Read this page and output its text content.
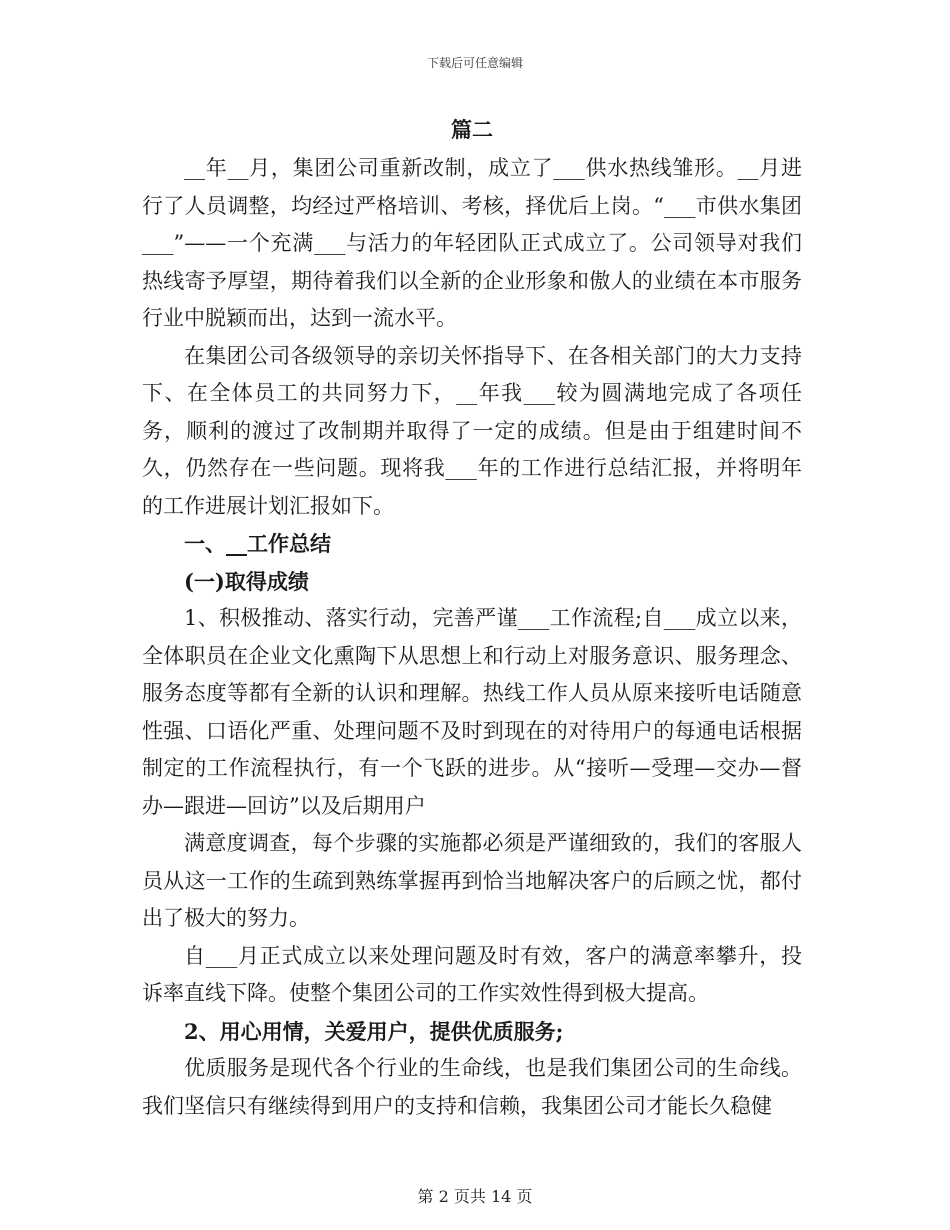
下载后可任意编辑
篇二

__年__月，集团公司重新改制，成立了___供水热线雏形。__月进行了人员调整，均经过严格培训、考核，择优后上岗。“___市供水集团___”——一个充满___与活力的年轻团队正式成立了。公司领导对我们热线寄予厚望，期待着我们以全新的企业形象和傲人的业绩在本市服务行业中脱颖而出，达到一流水平。

在集团公司各级领导的亲切关怀指导下、在各相关部门的大力支持下、在全体员工的共同努力下，__年我___较为圆满地完成了各项任务，顺利的渡过了改制期并取得了一定的成绩。但是由于组建时间不久，仍然存在一些问题。现将我___年的工作进行总结汇报，并将明年的工作进展计划汇报如下。

一、__工作总结

(一)取得成绩

1、积极推动、落实行动，完善严谨___工作流程;自___成立以来，全体职员在企业文化熏陶下从思想上和行动上对服务意识、服务理念、服务态度等都有全新的认识和理解。热线工作人员从原来接听电话随意性强、口语化严重、处理问题不及时到现在的对待用户的每通电话根据制定的工作流程执行，有一个飞跃的进步。从“接听—受理—交办—督办—跟进—回访”以及后期用户

满意度调查，每个步骤的实施都必须是严谨细致的，我们的客服人员从这一工作的生疏到熟练掌握再到恰当地解决客户的后顾之忧，都付出了极大的努力。

自___月正式成立以来处理问题及时有效，客户的满意率攀升，投诉率直线下降。使整个集团公司的工作实效性得到极大提高。

2、用心用情，关爱用户，提供优质服务;

优质服务是现代各个行业的生命线，也是我们集团公司的生命线。我们坚信只有继续得到用户的支持和信赖，我集团公司才能长久稳健

第 2 页共 14 页
